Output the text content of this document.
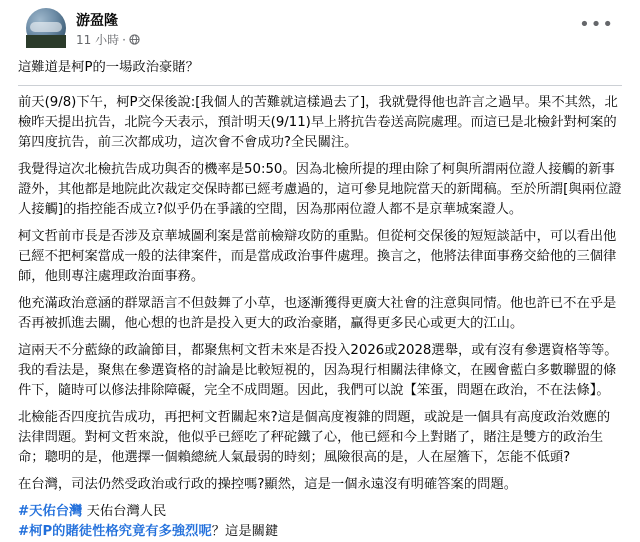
游盈隆
11 小時 ·
•••

這難道是柯P的一場政治豪賭？

前天(9/8)下午，柯P交保後說:[我個人的苦難就這樣過去了]，我就覺得他也許言之過早。果不其然，北檢昨天提出抗告，北院今天表示，預計明天(9/11)早上將抗告卷送高院處理。而這已是北檢針對柯案的第四度抗告，前三次都成功，這次會不會成功?全民關注。

我覺得這次北檢抗告成功與否的機率是50:50。因為北檢所提的理由除了柯與所謂兩位證人接觸的新事證外，其他都是地院此次裁定交保時都已經考慮過的，這可參見地院當天的新聞稿。至於所謂[與兩位證人接觸]的指控能否成立?似乎仍在爭議的空間，因為那兩位證人都不是京華城案證人。

柯文哲前市長是否涉及京華城圖利案是當前檢辯攻防的重點。但從柯交保後的短短談話中，可以看出他已經不把柯案當成一般的法律案件，而是當成政治事件處理。換言之，他將法律面事務交給他的三個律師，他則專注處理政治面事務。

他充滿政治意涵的群眾語言不但鼓舞了小草，也逐漸獲得更廣大社會的注意與同情。他也許已不在乎是否再被抓進去關，他心想的也許是投入更大的政治豪賭，贏得更多民心或更大的江山。

這兩天不分藍綠的政論節目，都聚焦柯文哲未來是否投入2026或2028選舉，或有沒有參選資格等等。我的看法是，聚焦在參選資格的討論是比較短視的，因為現行相關法律條文，在國會藍白多數聯盟的條件下，隨時可以修法排除障礙，完全不成問題。因此，我們可以說【笨蛋，問題在政治，不在法條】。

北檢能否四度抗告成功，再把柯文哲關起來?這是個高度複雜的問題，或說是一個具有高度政治效應的法律問題。對柯文哲來說，他似乎已經吃了秤砣鐵了心，他已經和今上對賭了，賭注是雙方的政治生命；聰明的是，他選擇一個賴總統人氣最弱的時刻；風險很高的是，人在屋簷下，怎能不低頭?

在台灣，司法仍然受政治或行政的操控嗎?顯然，這是一個永遠沒有明確答案的問題。

#天佑台灣 天佑台灣人民

#柯P的賭徒性格究竟有多強烈呢？這是關鍵
